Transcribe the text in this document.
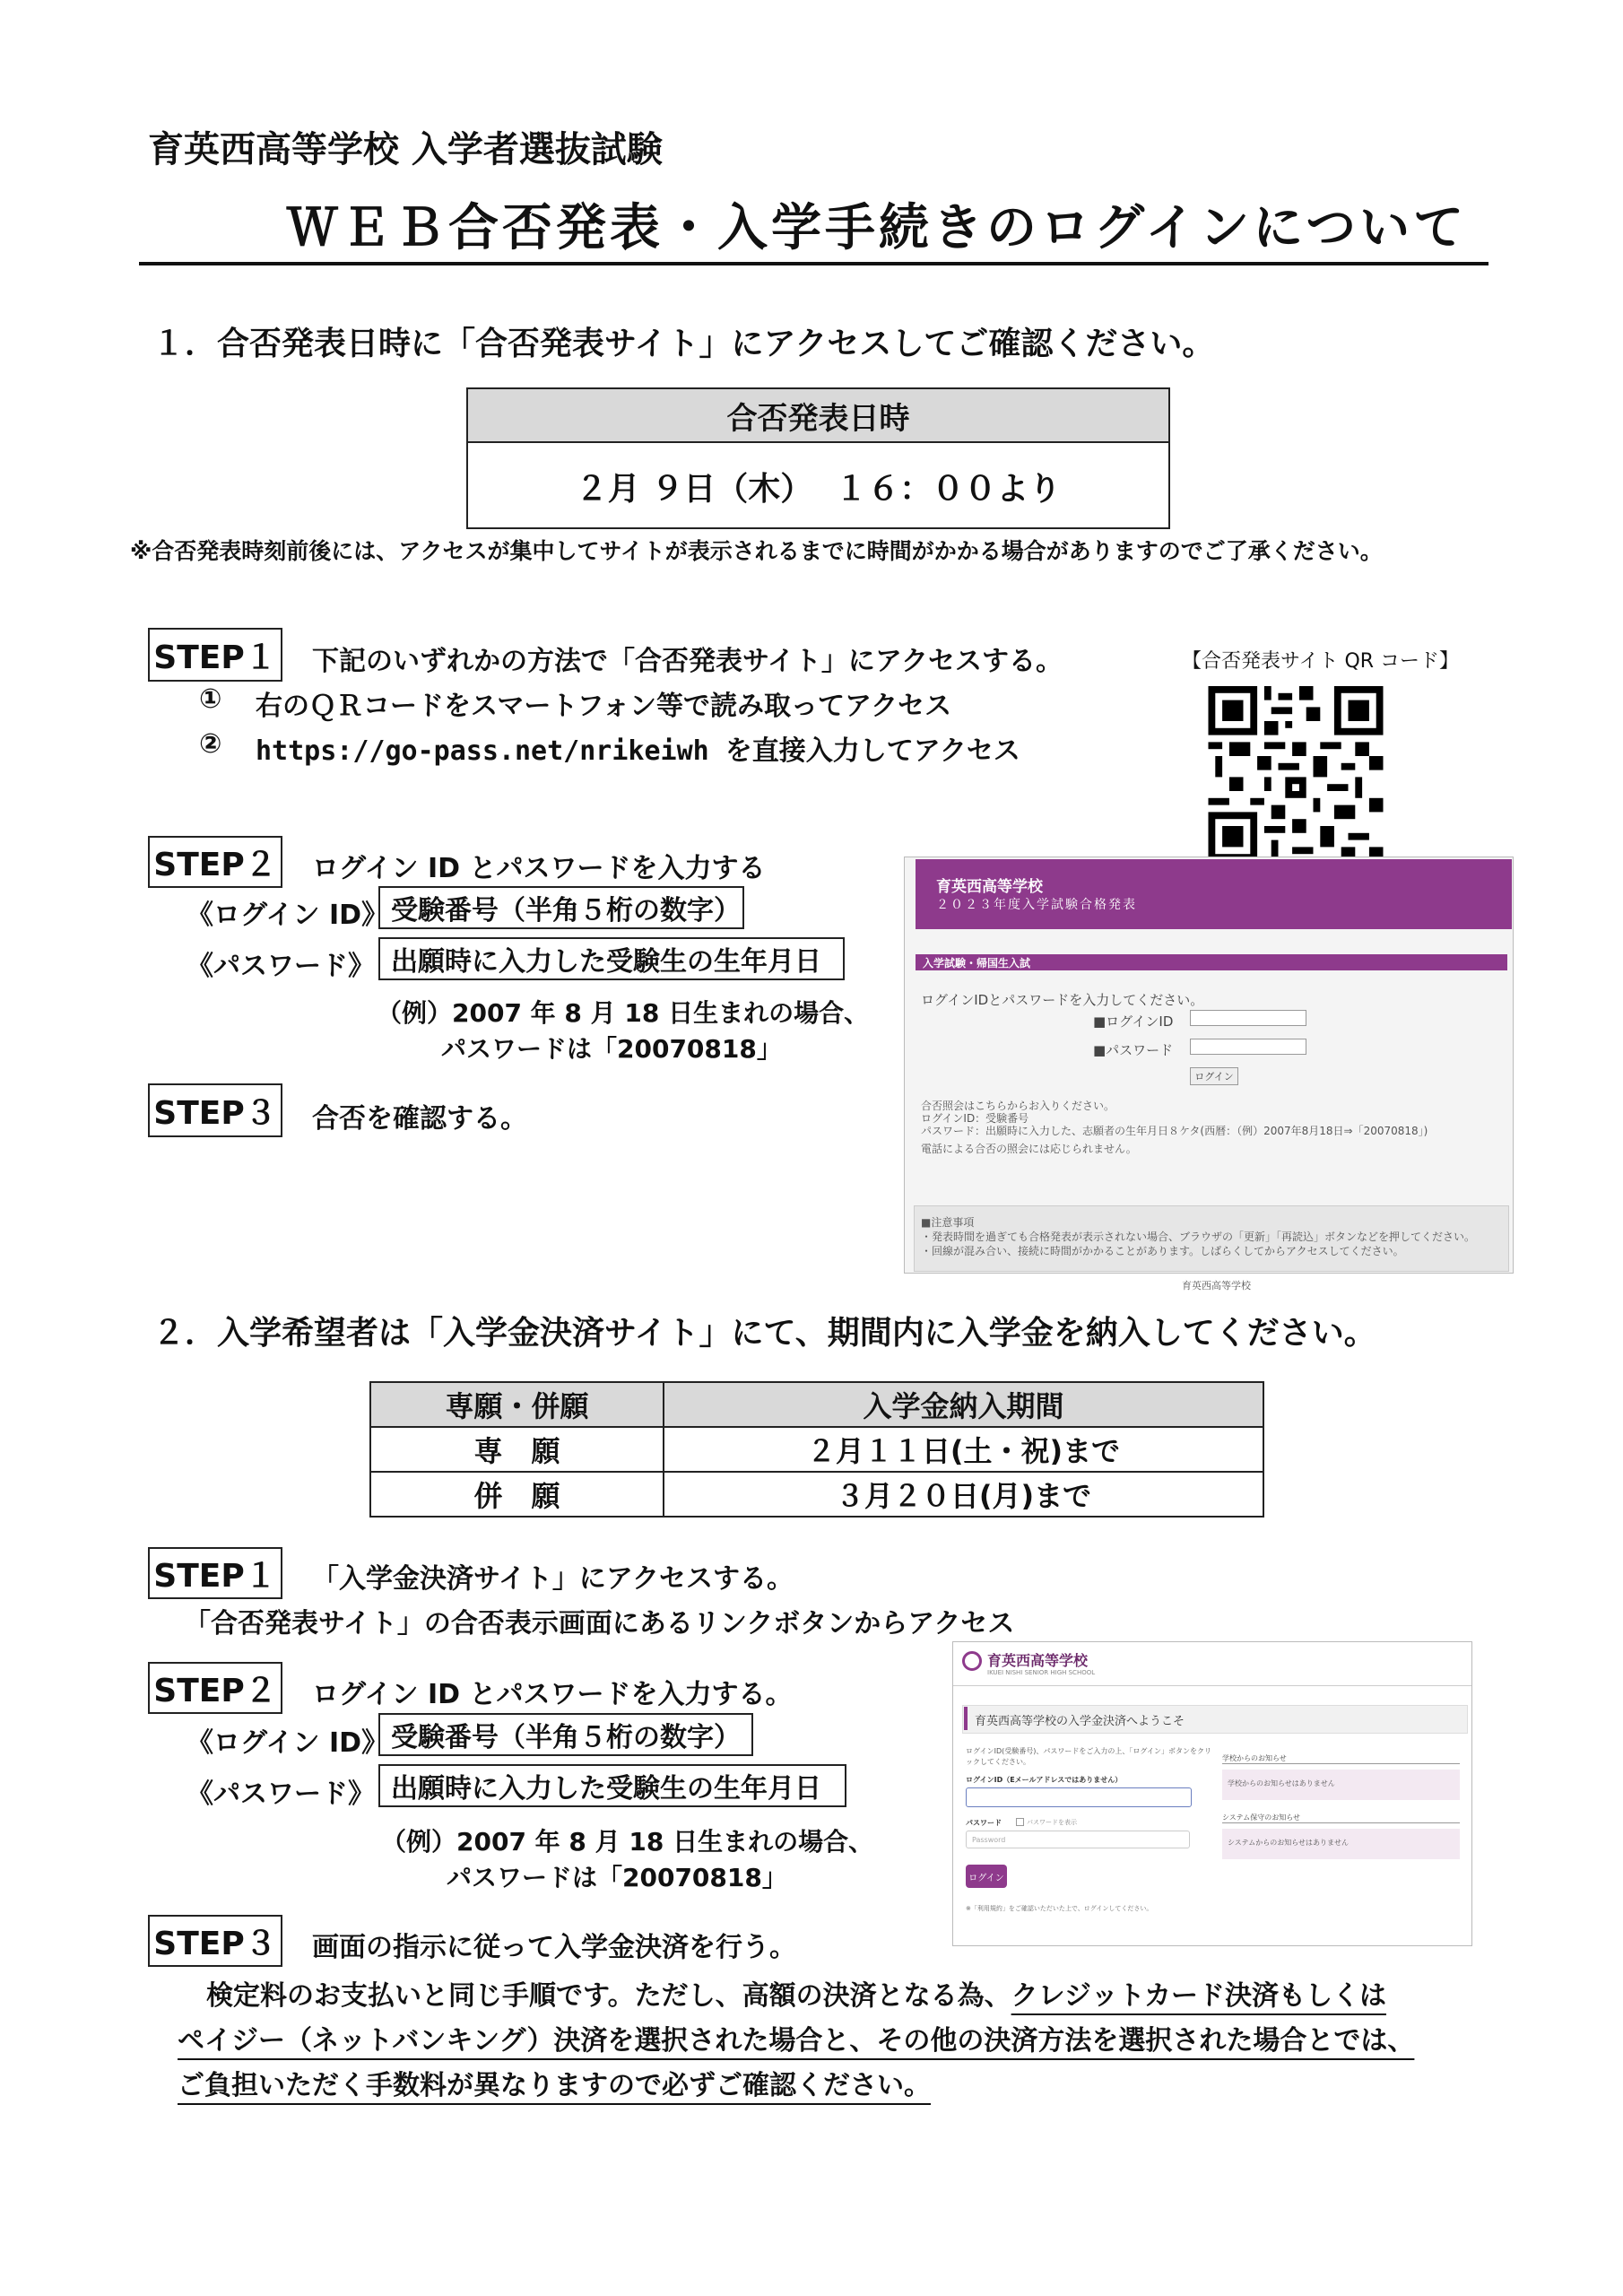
育英西高等学校 入学者選抜試験
ＷＥＢ合否発表・入学手続きのログインについて
１．合否発表日時に「合否発表サイト」にアクセスしてご確認ください。
合否発表日時
２月 ９日（木）  １６：００より
※合否発表時刻前後には、アクセスが集中してサイトが表示されるまでに時間がかかる場合がありますのでご了承ください。
STEP１ 下記のいずれかの方法で「合否発表サイト」にアクセスする。
① 右のＱＲコードをスマートフォン等で読み取ってアクセス
② https://go-pass.net/nrikeiwh を直接入力してアクセス
【合否発表サイト QR コード】
STEP２ ログイン ID とパスワードを入力する
《ログイン ID》 受験番号（半角５桁の数字）
《パスワード》 出願時に入力した受験生の生年月日
（例）2007 年 8 月 18 日生まれの場合、
パスワードは「20070818」
STEP３ 合否を確認する。
育英西高等学校
２０２３年度入学試験合格発表
入学試験・帰国生入試
ログインIDとパスワードを入力してください。
■ログインID
■パスワード
ログイン
合否照会はこちらからお入りください。
ログインID：受験番号
パスワード：出願時に入力した、志願者の生年月日８ケタ(西暦：（例）2007年8月18日⇒「20070818」)
電話による合否の照会には応じられません。
■注意事項
・発表時間を過ぎても合格発表が表示されない場合、ブラウザの「更新」「再読込」ボタンなどを押してください。
・回線が混み合い、接続に時間がかかることがあります。しばらくしてからアクセスしてください。
育英西高等学校
２．入学希望者は「入学金決済サイト」にて、期間内に入学金を納入してください。
専願・併願	入学金納入期間
専　願	２月１１日(土・祝)まで
併　願	３月２０日(月)まで
STEP１ 「入学金決済サイト」にアクセスする。
「合否発表サイト」の合否表示画面にあるリンクボタンからアクセス
STEP２ ログイン ID とパスワードを入力する。
《ログイン ID》 受験番号（半角５桁の数字）
《パスワード》 出願時に入力した受験生の生年月日
（例）2007 年 8 月 18 日生まれの場合、
パスワードは「20070818」
育英西高等学校
IKUEI NISHI SENIOR HIGH SCHOOL
育英西高等学校の入学金決済へようこそ
ログインID(受験番号)、パスワードをご入力の上、「ログイン」ボタンをクリックしてください。
ログインID（Eメールアドレスではありません）
パスワード	パスワードを表示
Password
ログイン
※「利用規約」をご確認いただいた上で、ログインしてください。
学校からのお知らせ
学校からのお知らせはありません
システム保守のお知らせ
システムからのお知らせはありません
STEP３ 画面の指示に従って入学金決済を行う。
検定料のお支払いと同じ手順です。ただし、高額の決済となる為、クレジットカード決済もしくは
ペイジー（ネットバンキング）決済を選択された場合と、その他の決済方法を選択された場合とでは、
ご負担いただく手数料が異なりますので必ずご確認ください。
